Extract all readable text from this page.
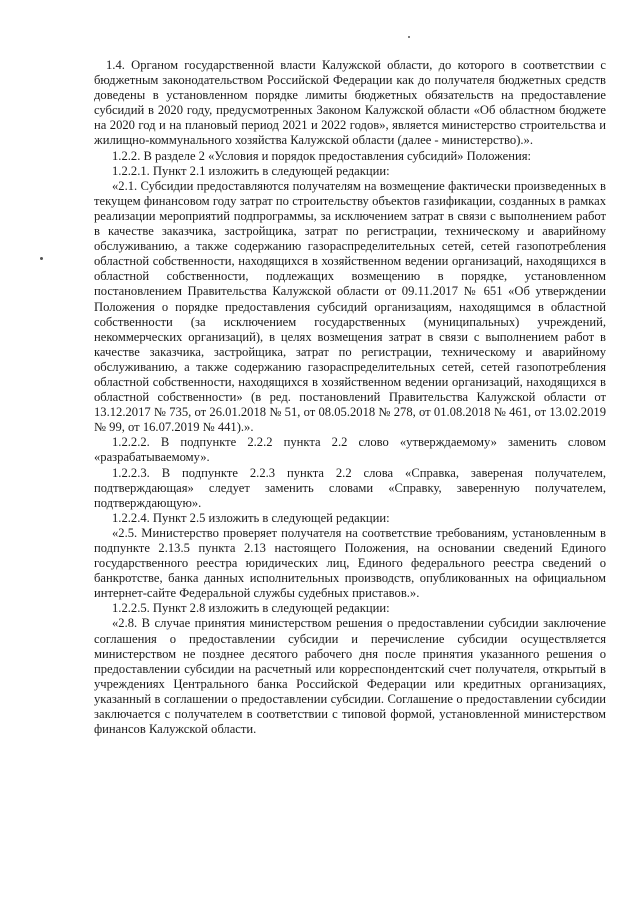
1.4. Органом государственной власти Калужской области, до которого в соответствии с бюджетным законодательством Российской Федерации как до получателя бюджетных средств доведены в установленном порядке лимиты бюджетных обязательств на предоставление субсидий в 2020 году, предусмотренных Законом Калужской области «Об областном бюджете на 2020 год и на плановый период 2021 и 2022 годов», является министерство строительства и жилищно-коммунального хозяйства Калужской области (далее - министерство).».

1.2.2. В разделе 2 «Условия и порядок предоставления субсидий» Положения:

1.2.2.1. Пункт 2.1 изложить в следующей редакции:

«2.1. Субсидии предоставляются получателям на возмещение фактически произведенных в текущем финансовом году затрат по строительству объектов газификации, созданных в рамках реализации мероприятий подпрограммы, за исключением затрат в связи с выполнением работ в качестве заказчика, застройщика, затрат по регистрации, техническому и аварийному обслуживанию, а также содержанию газораспределительных сетей, сетей газопотребления областной собственности, находящихся в хозяйственном ведении организаций, находящихся в областной собственности, подлежащих возмещению в порядке, установленном постановлением Правительства Калужской области от 09.11.2017 № 651 «Об утверждении Положения о порядке предоставления субсидий организациям, находящимся в областной собственности (за исключением государственных (муниципальных) учреждений, некоммерческих организаций), в целях возмещения затрат в связи с выполнением работ в качестве заказчика, застройщика, затрат по регистрации, техническому и аварийному обслуживанию, а также содержанию газораспределительных сетей, сетей газопотребления областной собственности, находящихся в хозяйственном ведении организаций, находящихся в областной собственности» (в ред. постановлений Правительства Калужской области от 13.12.2017 № 735, от 26.01.2018 № 51, от 08.05.2018 № 278, от 01.08.2018 № 461, от 13.02.2019 № 99, от 16.07.2019 № 441).».

1.2.2.2. В подпункте 2.2.2 пункта 2.2 слово «утверждаемому» заменить словом «разрабатываемому».

1.2.2.3. В подпункте 2.2.3 пункта 2.2 слова «Справка, завереная получателем, подтверждающая» следует заменить словами «Справку, заверенную получателем, подтверждающую».

1.2.2.4. Пункт 2.5 изложить в следующей редакции:

«2.5. Министерство проверяет получателя на соответствие требованиям, установленным в подпункте 2.13.5 пункта 2.13 настоящего Положения, на основании сведений Единого государственного реестра юридических лиц, Единого федерального реестра сведений о банкротстве, банка данных исполнительных производств, опубликованных на официальном интернет-сайте Федеральной службы судебных приставов.».

1.2.2.5. Пункт 2.8 изложить в следующей редакции:

«2.8. В случае принятия министерством решения о предоставлении субсидии заключение соглашения о предоставлении субсидии и перечисление субсидии осуществляется министерством не позднее десятого рабочего дня после принятия указанного решения о предоставлении субсидии на расчетный или корреспондентский счет получателя, открытый в учреждениях Центрального банка Российской Федерации или кредитных организациях, указанный в соглашении о предоставлении субсидии. Соглашение о предоставлении субсидии заключается с получателем в соответствии с типовой формой, установленной министерством финансов Калужской области.
